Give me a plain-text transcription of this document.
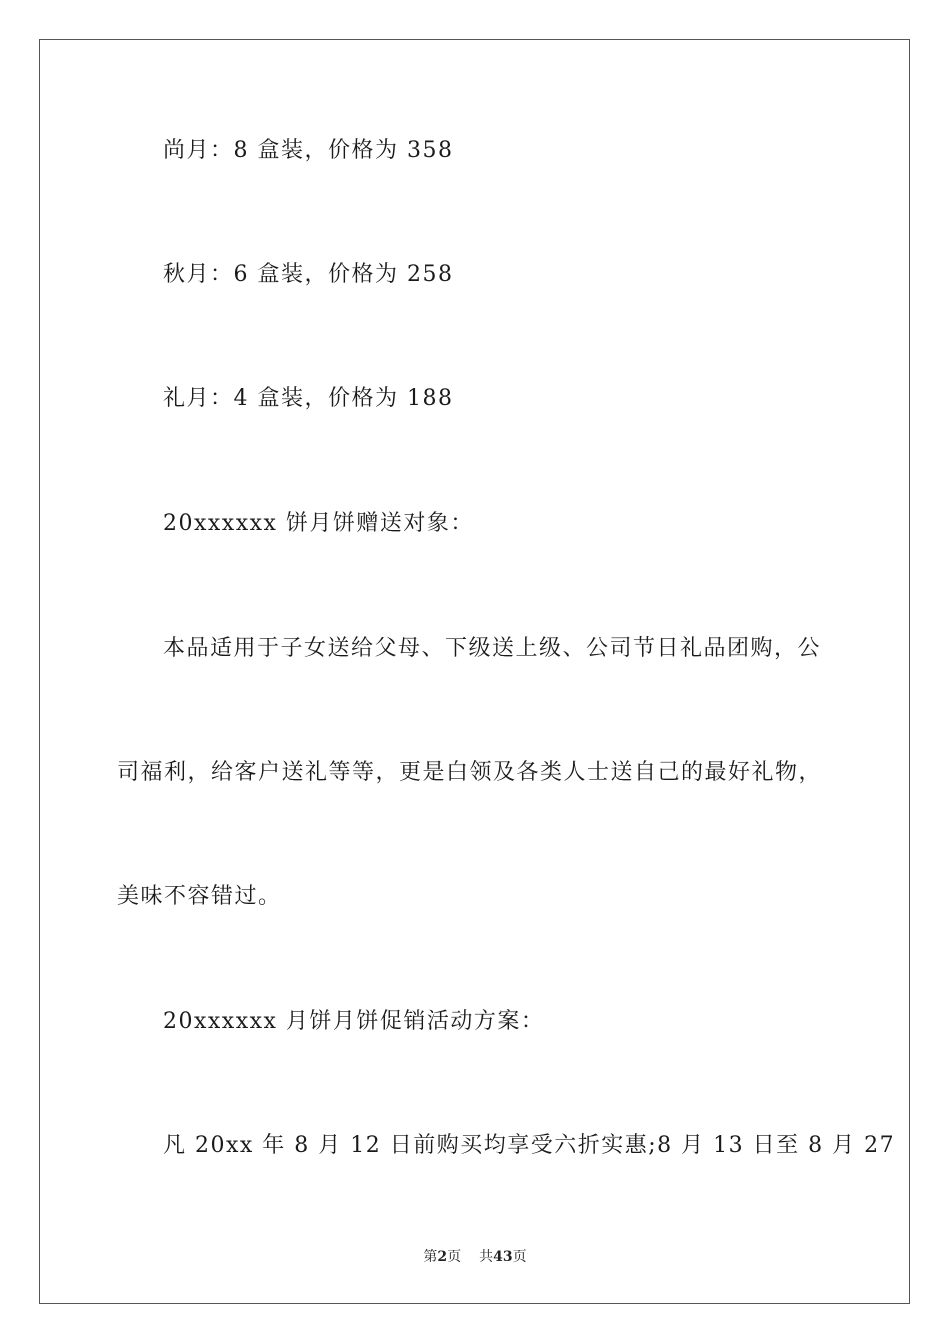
尚月：8 盒装，价格为 358
秋月：6 盒装，价格为 258
礼月：4 盒装，价格为 188
20xxxxxx 饼月饼赠送对象：
本品适用于子女送给父母、下级送上级、公司节日礼品团购，公
司福利，给客户送礼等等，更是白领及各类人士送自己的最好礼物，
美味不容错过。
20xxxxxx 月饼月饼促销活动方案：
凡 20xx 年 8 月 12 日前购买均享受六折实惠;8 月 13 日至 8 月 27
第2页 共43页
